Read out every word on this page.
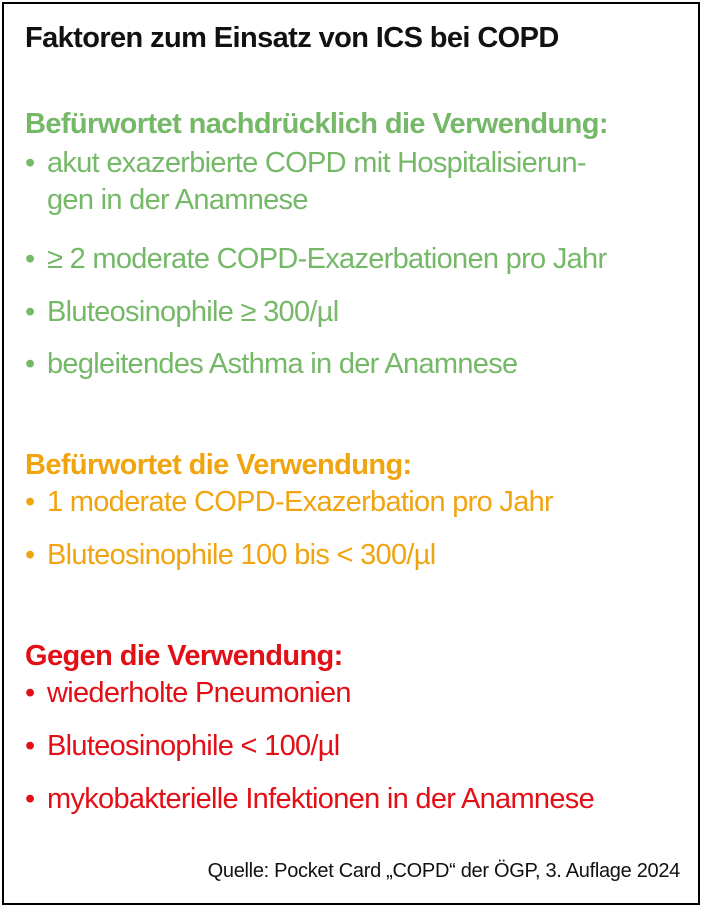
Faktoren zum Einsatz von ICS bei COPD
Befürwortet nachdrücklich die Verwendung:
• akut exazerbierte COPD mit Hospitalisierun-
gen in der Anamnese
• ≥ 2 moderate COPD-Exazerbationen pro Jahr
• Bluteosinophile ≥ 300/µl
• begleitendes Asthma in der Anamnese
Befürwortet die Verwendung:
• 1 moderate COPD-Exazerbation pro Jahr
• Bluteosinophile 100 bis < 300/µl
Gegen die Verwendung:
• wiederholte Pneumonien
• Bluteosinophile < 100/µl
• mykobakterielle Infektionen in der Anamnese
Quelle: Pocket Card „COPD“ der ÖGP, 3. Auflage 2024
